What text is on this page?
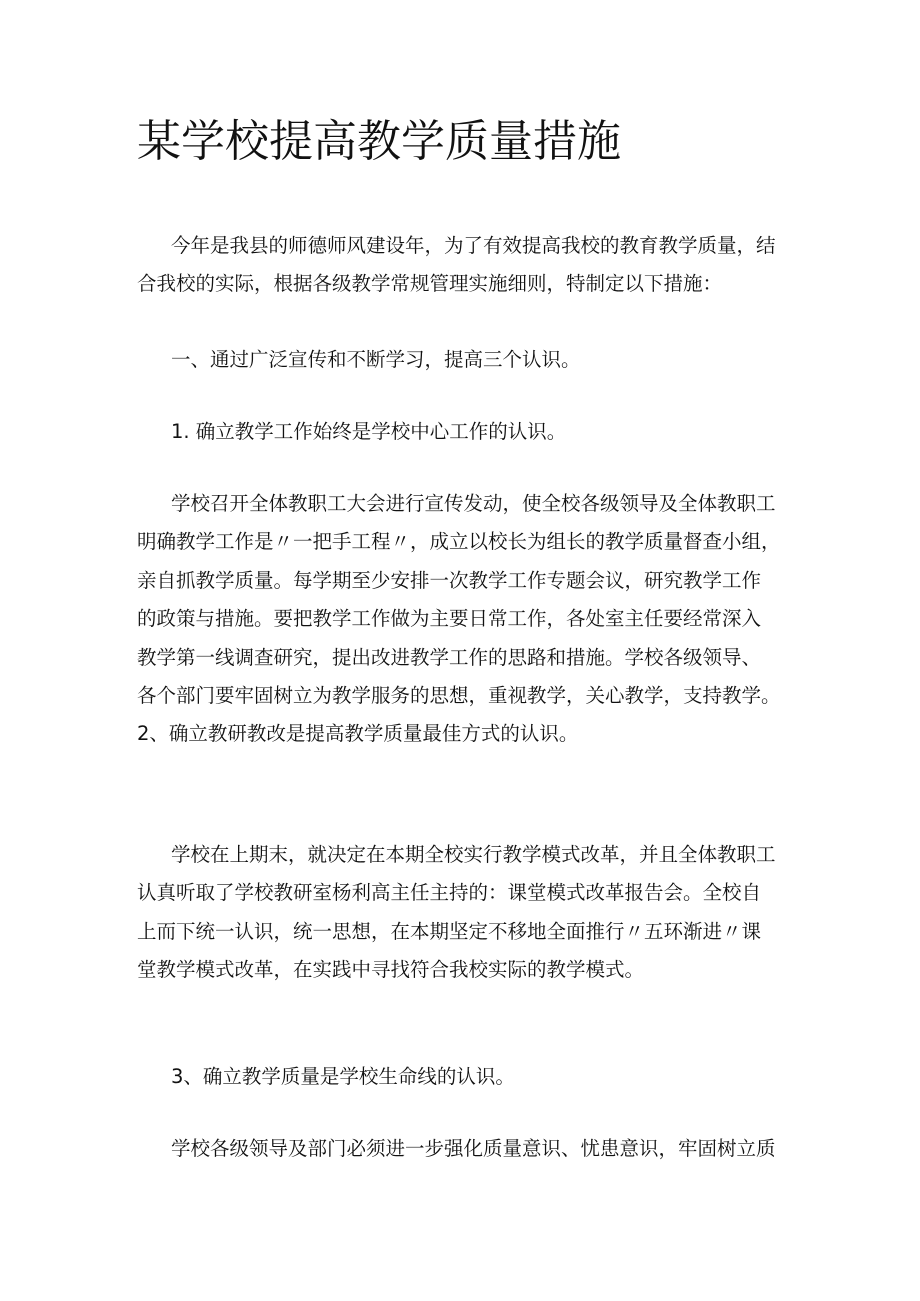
某学校提高教学质量措施
今年是我县的师德师风建设年，为了有效提高我校的教育教学质量，结
合我校的实际，根据各级教学常规管理实施细则，特制定以下措施：
一、通过广泛宣传和不断学习，提高三个认识。
1. 确立教学工作始终是学校中心工作的认识。
学校召开全体教职工大会进行宣传发动，使全校各级领导及全体教职工
明确教学工作是〃一把手工程〃，成立以校长为组长的教学质量督查小组，
亲自抓教学质量。每学期至少安排一次教学工作专题会议，研究教学工作
的政策与措施。要把教学工作做为主要日常工作，各处室主任要经常深入
教学第一线调查研究，提出改进教学工作的思路和措施。学校各级领导、
各个部门要牢固树立为教学服务的思想，重视教学，关心教学，支持教学。
2、确立教研教改是提高教学质量最佳方式的认识。
学校在上期末，就决定在本期全校实行教学模式改革，并且全体教职工
认真听取了学校教研室杨利高主任主持的：课堂模式改革报告会。全校自
上而下统一认识，统一思想，在本期坚定不移地全面推行〃五环渐进〃课
堂教学模式改革，在实践中寻找符合我校实际的教学模式。
3、确立教学质量是学校生命线的认识。
学校各级领导及部门必须进一步强化质量意识、忧患意识，牢固树立质
